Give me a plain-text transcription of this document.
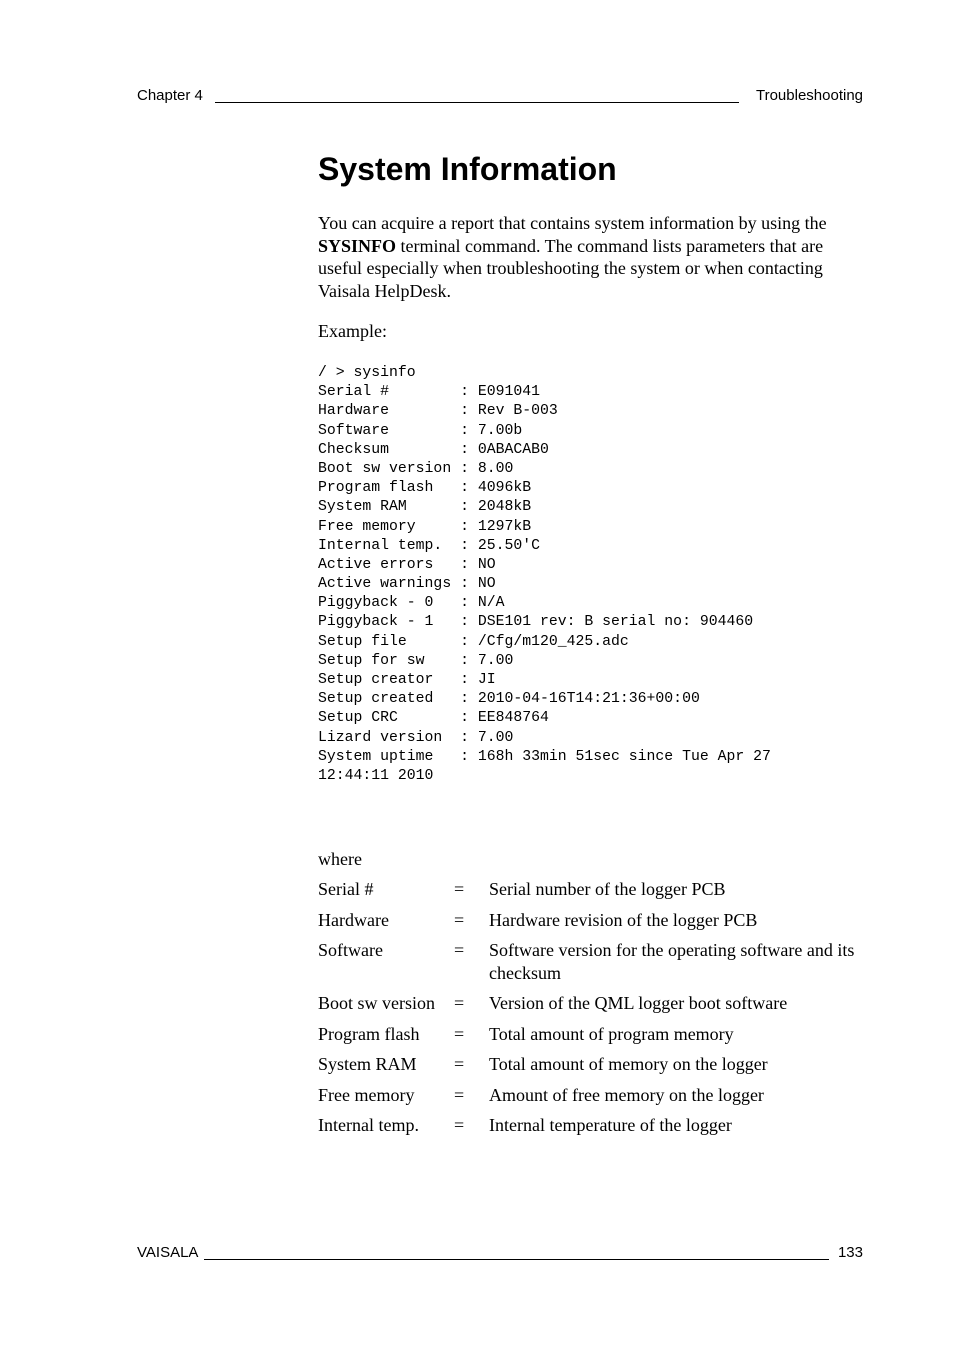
Chapter 4	Troubleshooting
System Information

You can acquire a report that contains system information by using the SYSINFO terminal command. The command lists parameters that are useful especially when troubleshooting the system or when contacting Vaisala HelpDesk.

Example:

/ > sysinfo
Serial #        : E091041
Hardware        : Rev B-003
Software        : 7.00b
Checksum        : 0ABACAB0
Boot sw version : 8.00
Program flash   : 4096kB
System RAM      : 2048kB
Free memory     : 1297kB
Internal temp.  : 25.50'C
Active errors   : NO
Active warnings : NO
Piggyback - 0   : N/A
Piggyback - 1   : DSE101 rev: B serial no: 904460
Setup file      : /Cfg/m120_425.adc
Setup for sw    : 7.00
Setup creator   : JI
Setup created   : 2010-04-16T14:21:36+00:00
Setup CRC       : EE848764
Lizard version  : 7.00
System uptime   : 168h 33min 51sec since Tue Apr 27
12:44:11 2010

where

Serial #	= Serial number of the logger PCB
Hardware	= Hardware revision of the logger PCB
Software	= Software version for the operating software and its checksum
Boot sw version = Version of the QML logger boot software
Program flash = Total amount of program memory
System RAM = Total amount of memory on the logger
Free memory = Amount of free memory on the logger
Internal temp. = Internal temperature of the logger
VAISALA	133
